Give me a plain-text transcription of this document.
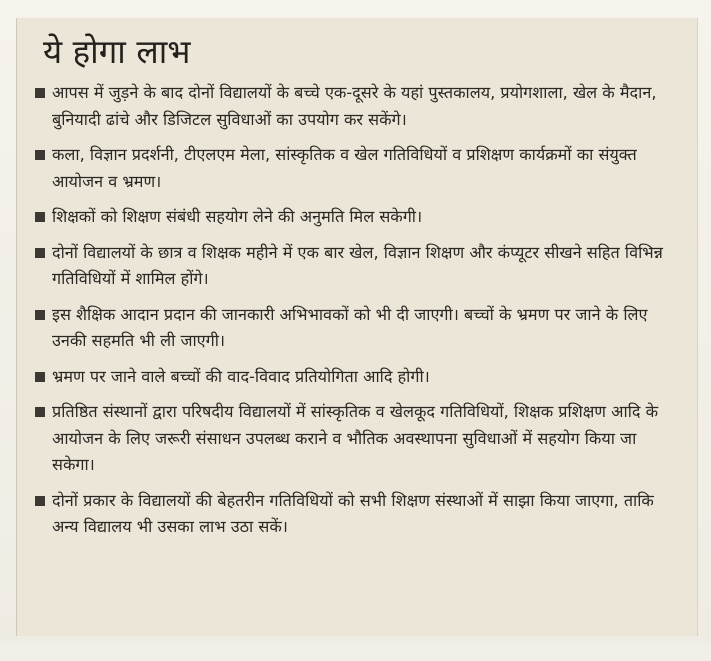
ये होगा लाभ
आपस में जुड़ने के बाद दोनों विद्यालयों के बच्चे एक-दूसरे के यहां पुस्तकालय, प्रयोगशाला, खेल के मैदान, बुनियादी ढांचे और डिजिटल सुविधाओं का उपयोग कर सकेंगे।
कला, विज्ञान प्रदर्शनी, टीएलएम मेला, सांस्कृतिक व खेल गतिविधियों व प्रशिक्षण कार्यक्रमों का संयुक्त आयोजन व भ्रमण।
शिक्षकों को शिक्षण संबंधी सहयोग लेने की अनुमति मिल सकेगी।
दोनों विद्यालयों के छात्र व शिक्षक महीने में एक बार खेल, विज्ञान शिक्षण और कंप्यूटर सीखने सहित विभिन्न गतिविधियों में शामिल होंगे।
इस शैक्षिक आदान प्रदान की जानकारी अभिभावकों को भी दी जाएगी। बच्चों के भ्रमण पर जाने के लिए उनकी सहमति भी ली जाएगी।
भ्रमण पर जाने वाले बच्चों की वाद-विवाद प्रतियोगिता आदि होगी।
प्रतिष्ठित संस्थानों द्वारा परिषदीय विद्यालयों में सांस्कृतिक व खेलकूद गतिविधियों, शिक्षक प्रशिक्षण आदि के आयोजन के लिए जरूरी संसाधन उपलब्ध कराने व भौतिक अवस्थापना सुविधाओं में सहयोग किया जा सकेगा।
दोनों प्रकार के विद्यालयों की बेहतरीन गतिविधियों को सभी शिक्षण संस्थाओं में साझा किया जाएगा, ताकि अन्य विद्यालय भी उसका लाभ उठा सकें।
